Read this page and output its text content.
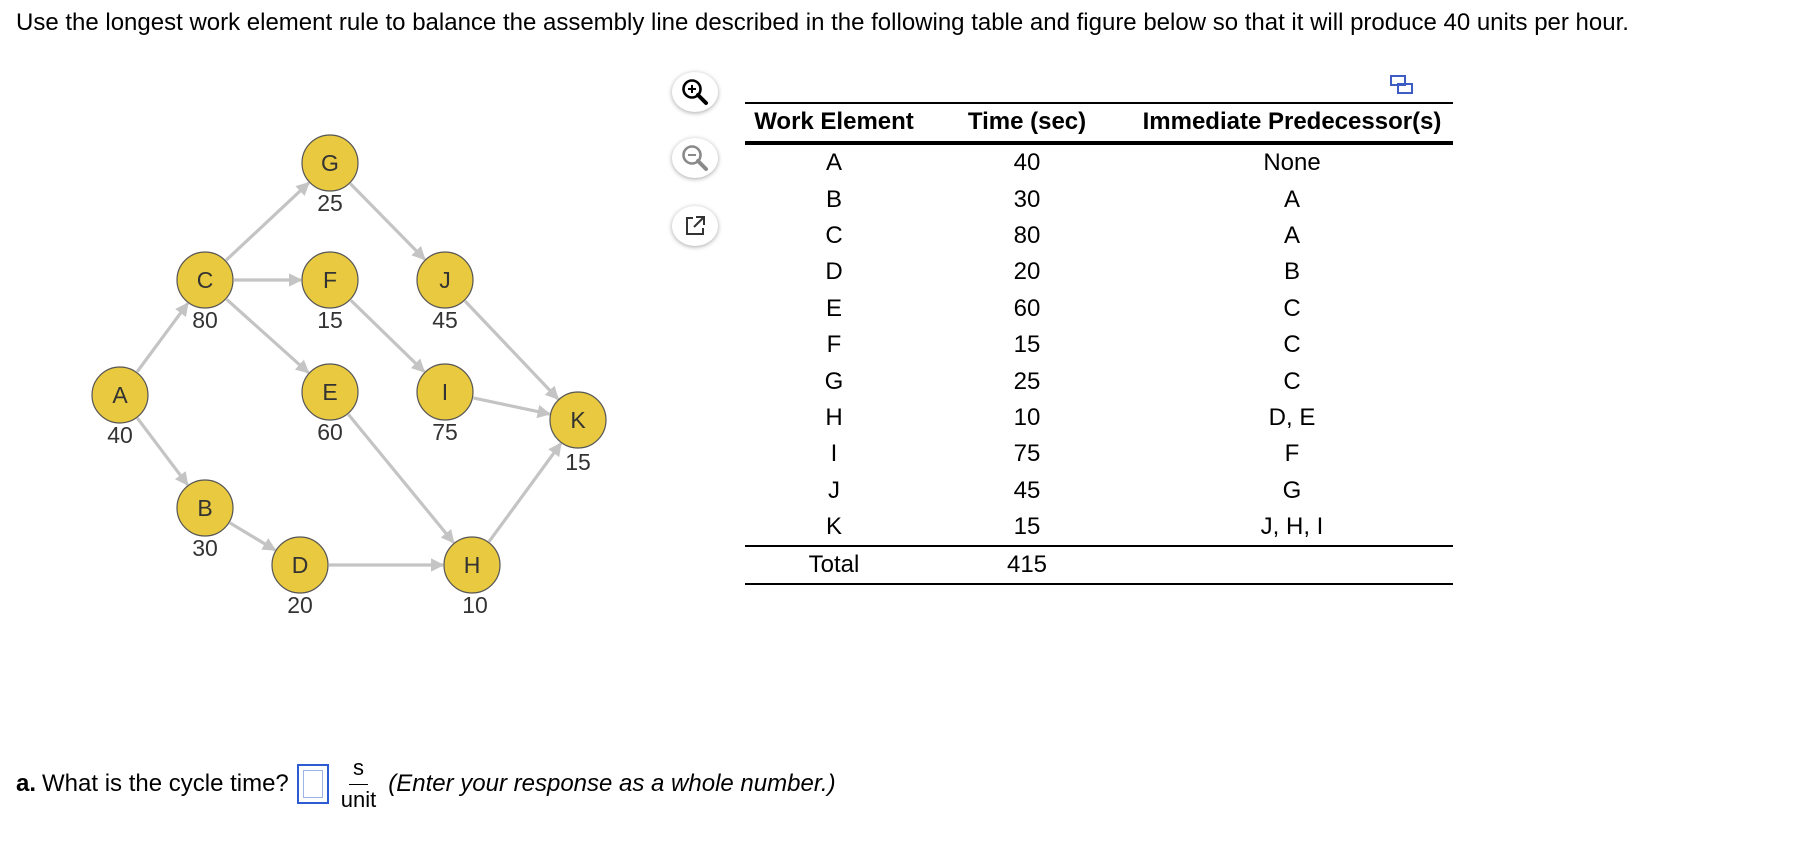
Use the longest work element rule to balance the assembly line described in the following table and figure below so that it will produce 40 units per hour.
A
40
B
30
C
80
D
20
E
60
F
15
G
25
H
10
I
75
J
45
K
15
Work Element	Time (sec)	Immediate Predecessor(s)
A	40	None
B	30	A
C	80	A
D	20	B
E	60	C
F	15	C
G	25	C
H	10	D, E
I	75	F
J	45	G
K	15	J, H, I
Total	415	
a. What is the cycle time? $\frac{s}{\text{unit}}$ (Enter your response as a whole number.)
